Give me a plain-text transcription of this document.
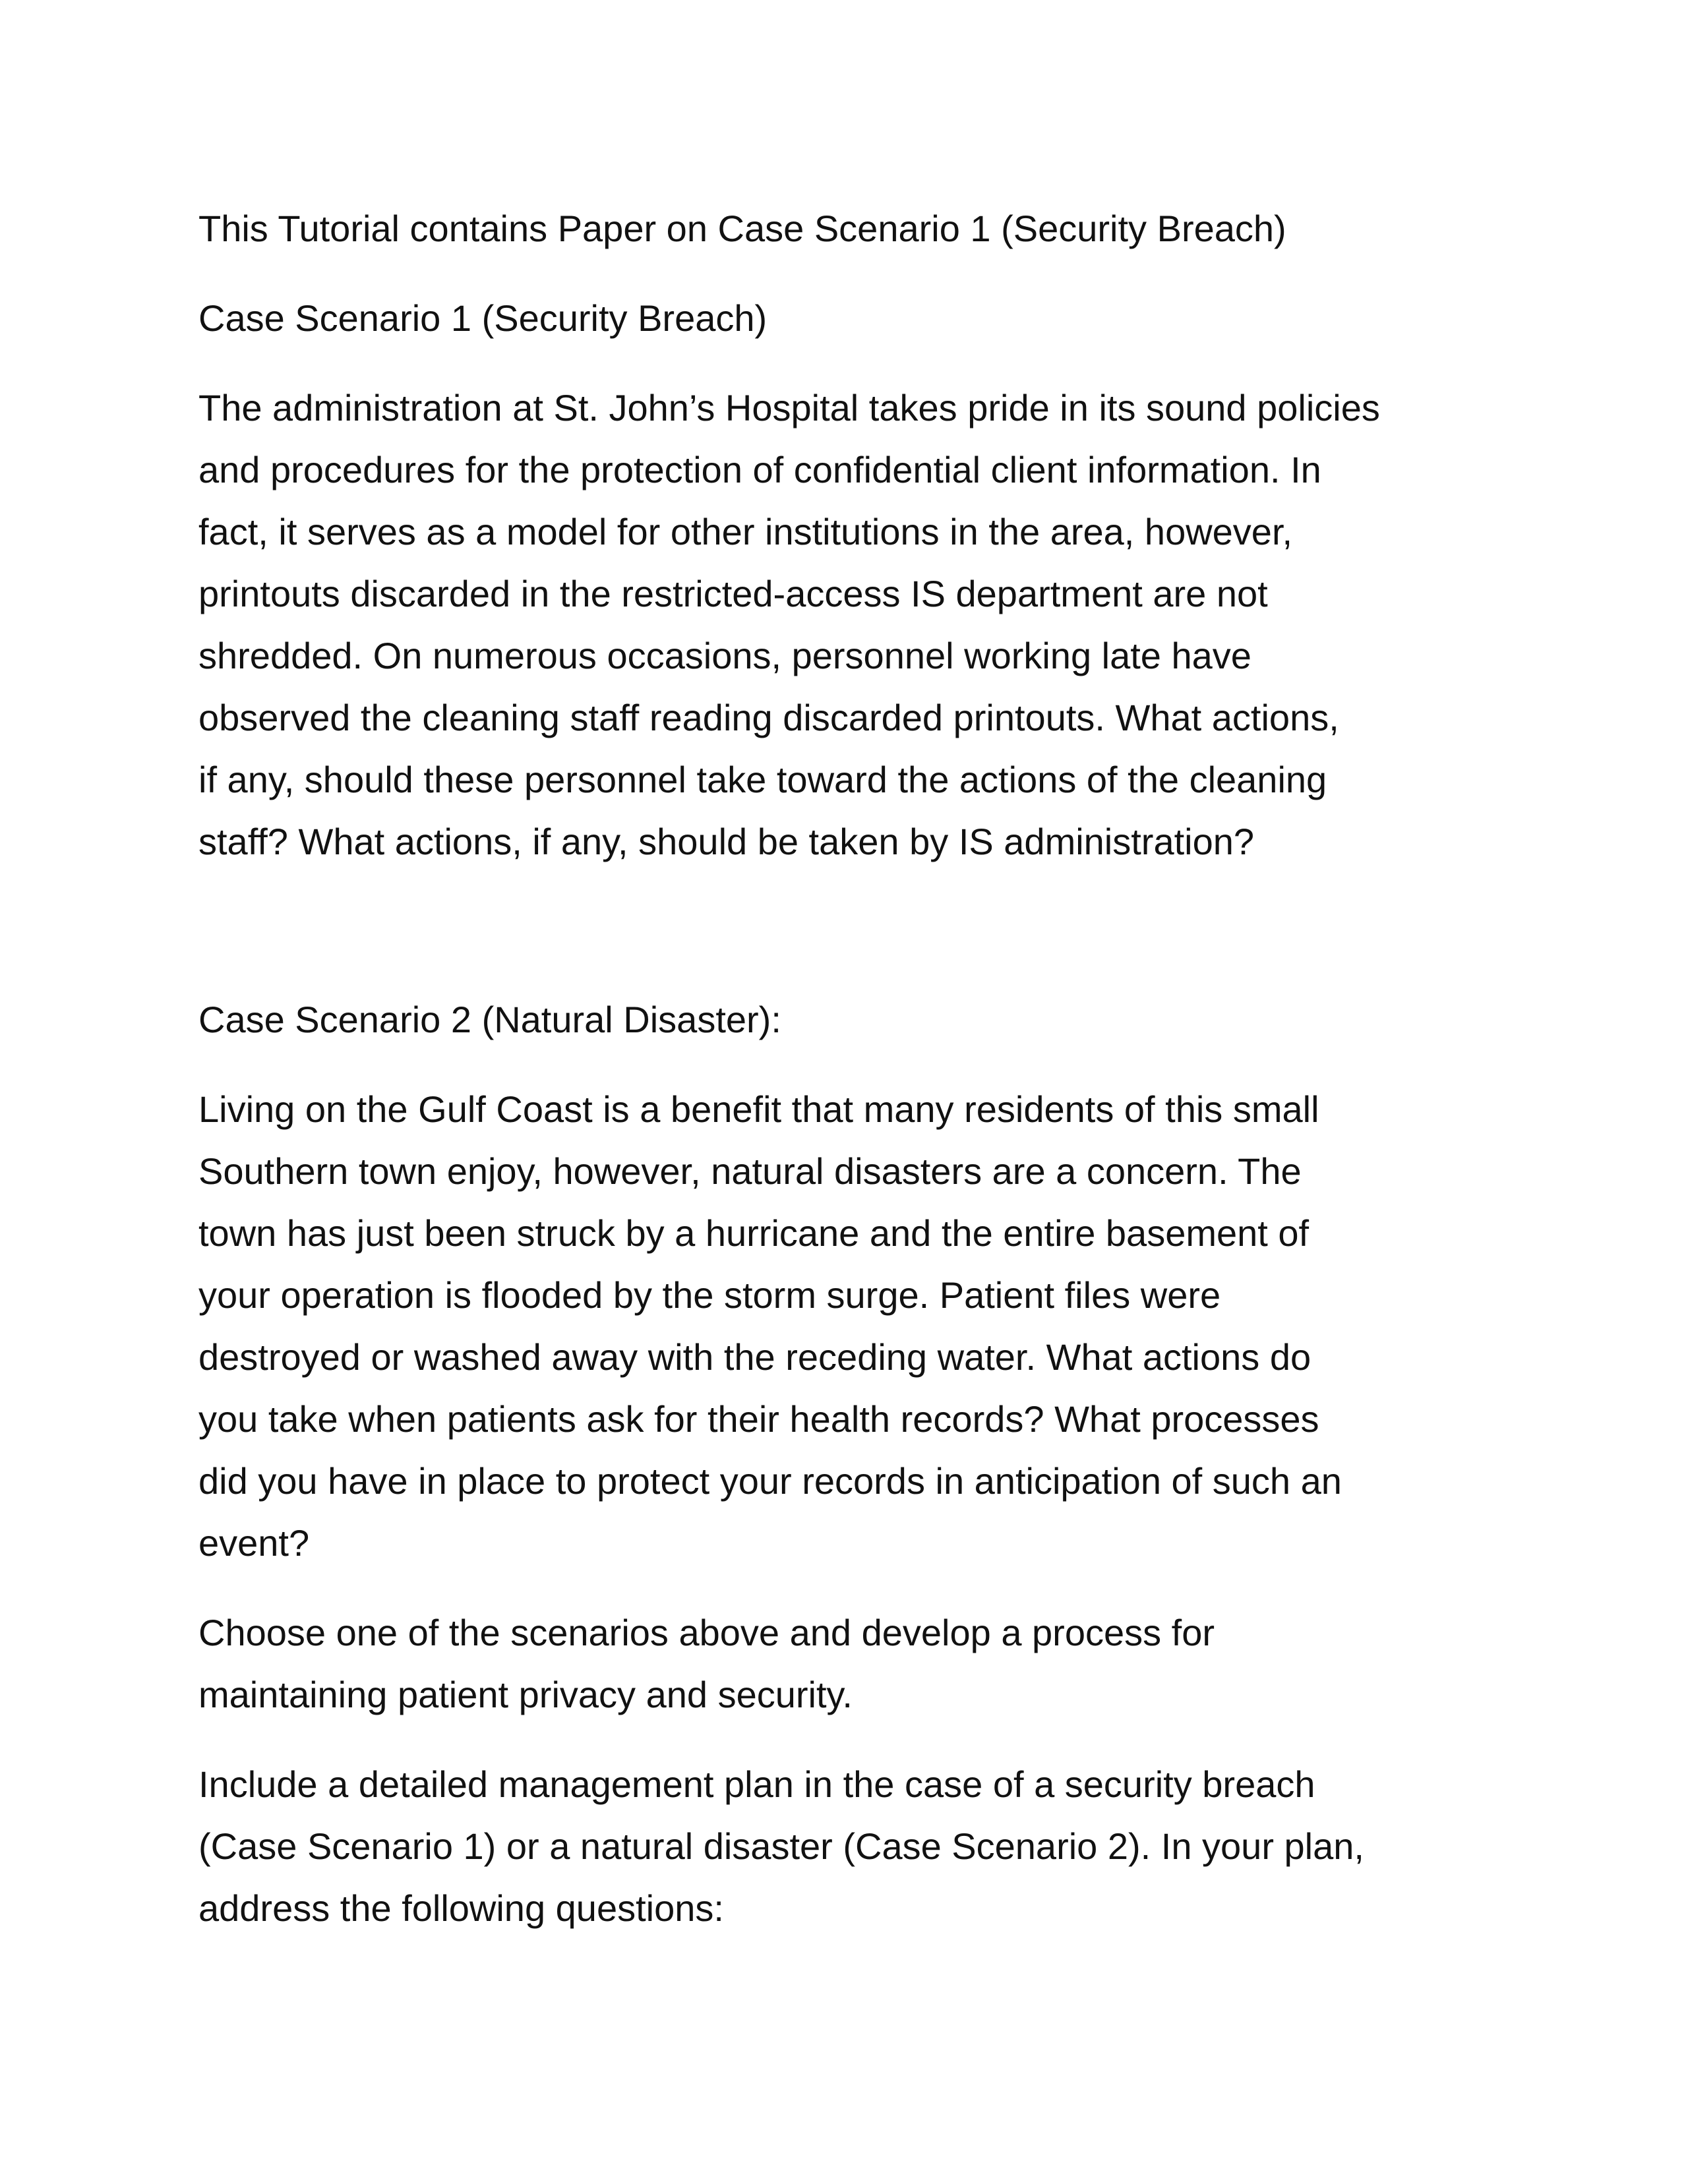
This Tutorial contains Paper on Case Scenario 1 (Security Breach)

Case Scenario 1 (Security Breach)

The administration at St. John’s Hospital takes pride in its sound policies
and procedures for the protection of confidential client information. In
fact, it serves as a model for other institutions in the area, however,
printouts discarded in the restricted-access IS department are not
shredded. On numerous occasions, personnel working late have
observed the cleaning staff reading discarded printouts. What actions,
if any, should these personnel take toward the actions of the cleaning
staff? What actions, if any, should be taken by IS administration?

Case Scenario 2 (Natural Disaster):

Living on the Gulf Coast is a benefit that many residents of this small
Southern town enjoy, however, natural disasters are a concern. The
town has just been struck by a hurricane and the entire basement of
your operation is flooded by the storm surge. Patient files were
destroyed or washed away with the receding water. What actions do
you take when patients ask for their health records? What processes
did you have in place to protect your records in anticipation of such an
event?

Choose one of the scenarios above and develop a process for
maintaining patient privacy and security.

Include a detailed management plan in the case of a security breach
(Case Scenario 1) or a natural disaster (Case Scenario 2). In your plan,
address the following questions:
